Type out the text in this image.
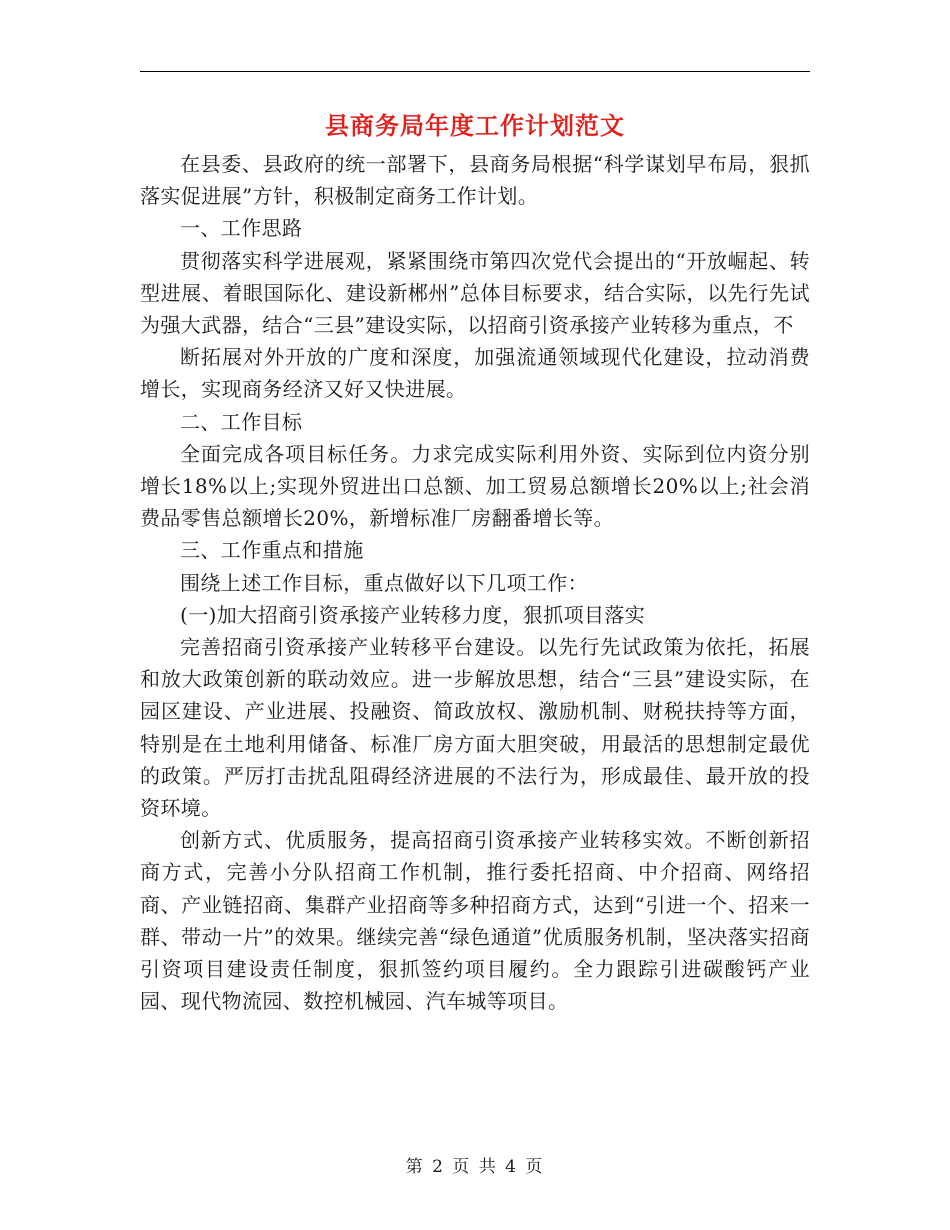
县商务局年度工作计划范文

在县委、县政府的统一部署下，县商务局根据“科学谋划早布局，狠抓落实促进展”方针，积极制定商务工作计划。

一、工作思路

贯彻落实科学进展观，紧紧围绕市第四次党代会提出的“开放崛起、转型进展、着眼国际化、建设新郴州”总体目标要求，结合实际，以先行先试为强大武器，结合“三县”建设实际，以招商引资承接产业转移为重点，不

断拓展对外开放的广度和深度，加强流通领域现代化建设，拉动消费增长，实现商务经济又好又快进展。

二、工作目标

全面完成各项目标任务。力求完成实际利用外资、实际到位内资分别增长18%以上;实现外贸进出口总额、加工贸易总额增长20%以上;社会消费品零售总额增长20%，新增标准厂房翻番增长等。

三、工作重点和措施

围绕上述工作目标，重点做好以下几项工作：

(一)加大招商引资承接产业转移力度，狠抓项目落实

完善招商引资承接产业转移平台建设。以先行先试政策为依托，拓展和放大政策创新的联动效应。进一步解放思想，结合“三县”建设实际，在园区建设、产业进展、投融资、简政放权、激励机制、财税扶持等方面，特别是在土地利用储备、标准厂房方面大胆突破，用最活的思想制定最优的政策。严厉打击扰乱阻碍经济进展的不法行为，形成最佳、最开放的投资环境。

创新方式、优质服务，提高招商引资承接产业转移实效。不断创新招商方式，完善小分队招商工作机制，推行委托招商、中介招商、网络招商、产业链招商、集群产业招商等多种招商方式，达到“引进一个、招来一群、带动一片”的效果。继续完善“绿色通道”优质服务机制，坚决落实招商引资项目建设责任制度，狠抓签约项目履约。全力跟踪引进碳酸钙产业园、现代物流园、数控机械园、汽车城等项目。

第 2 页 共 4 页
